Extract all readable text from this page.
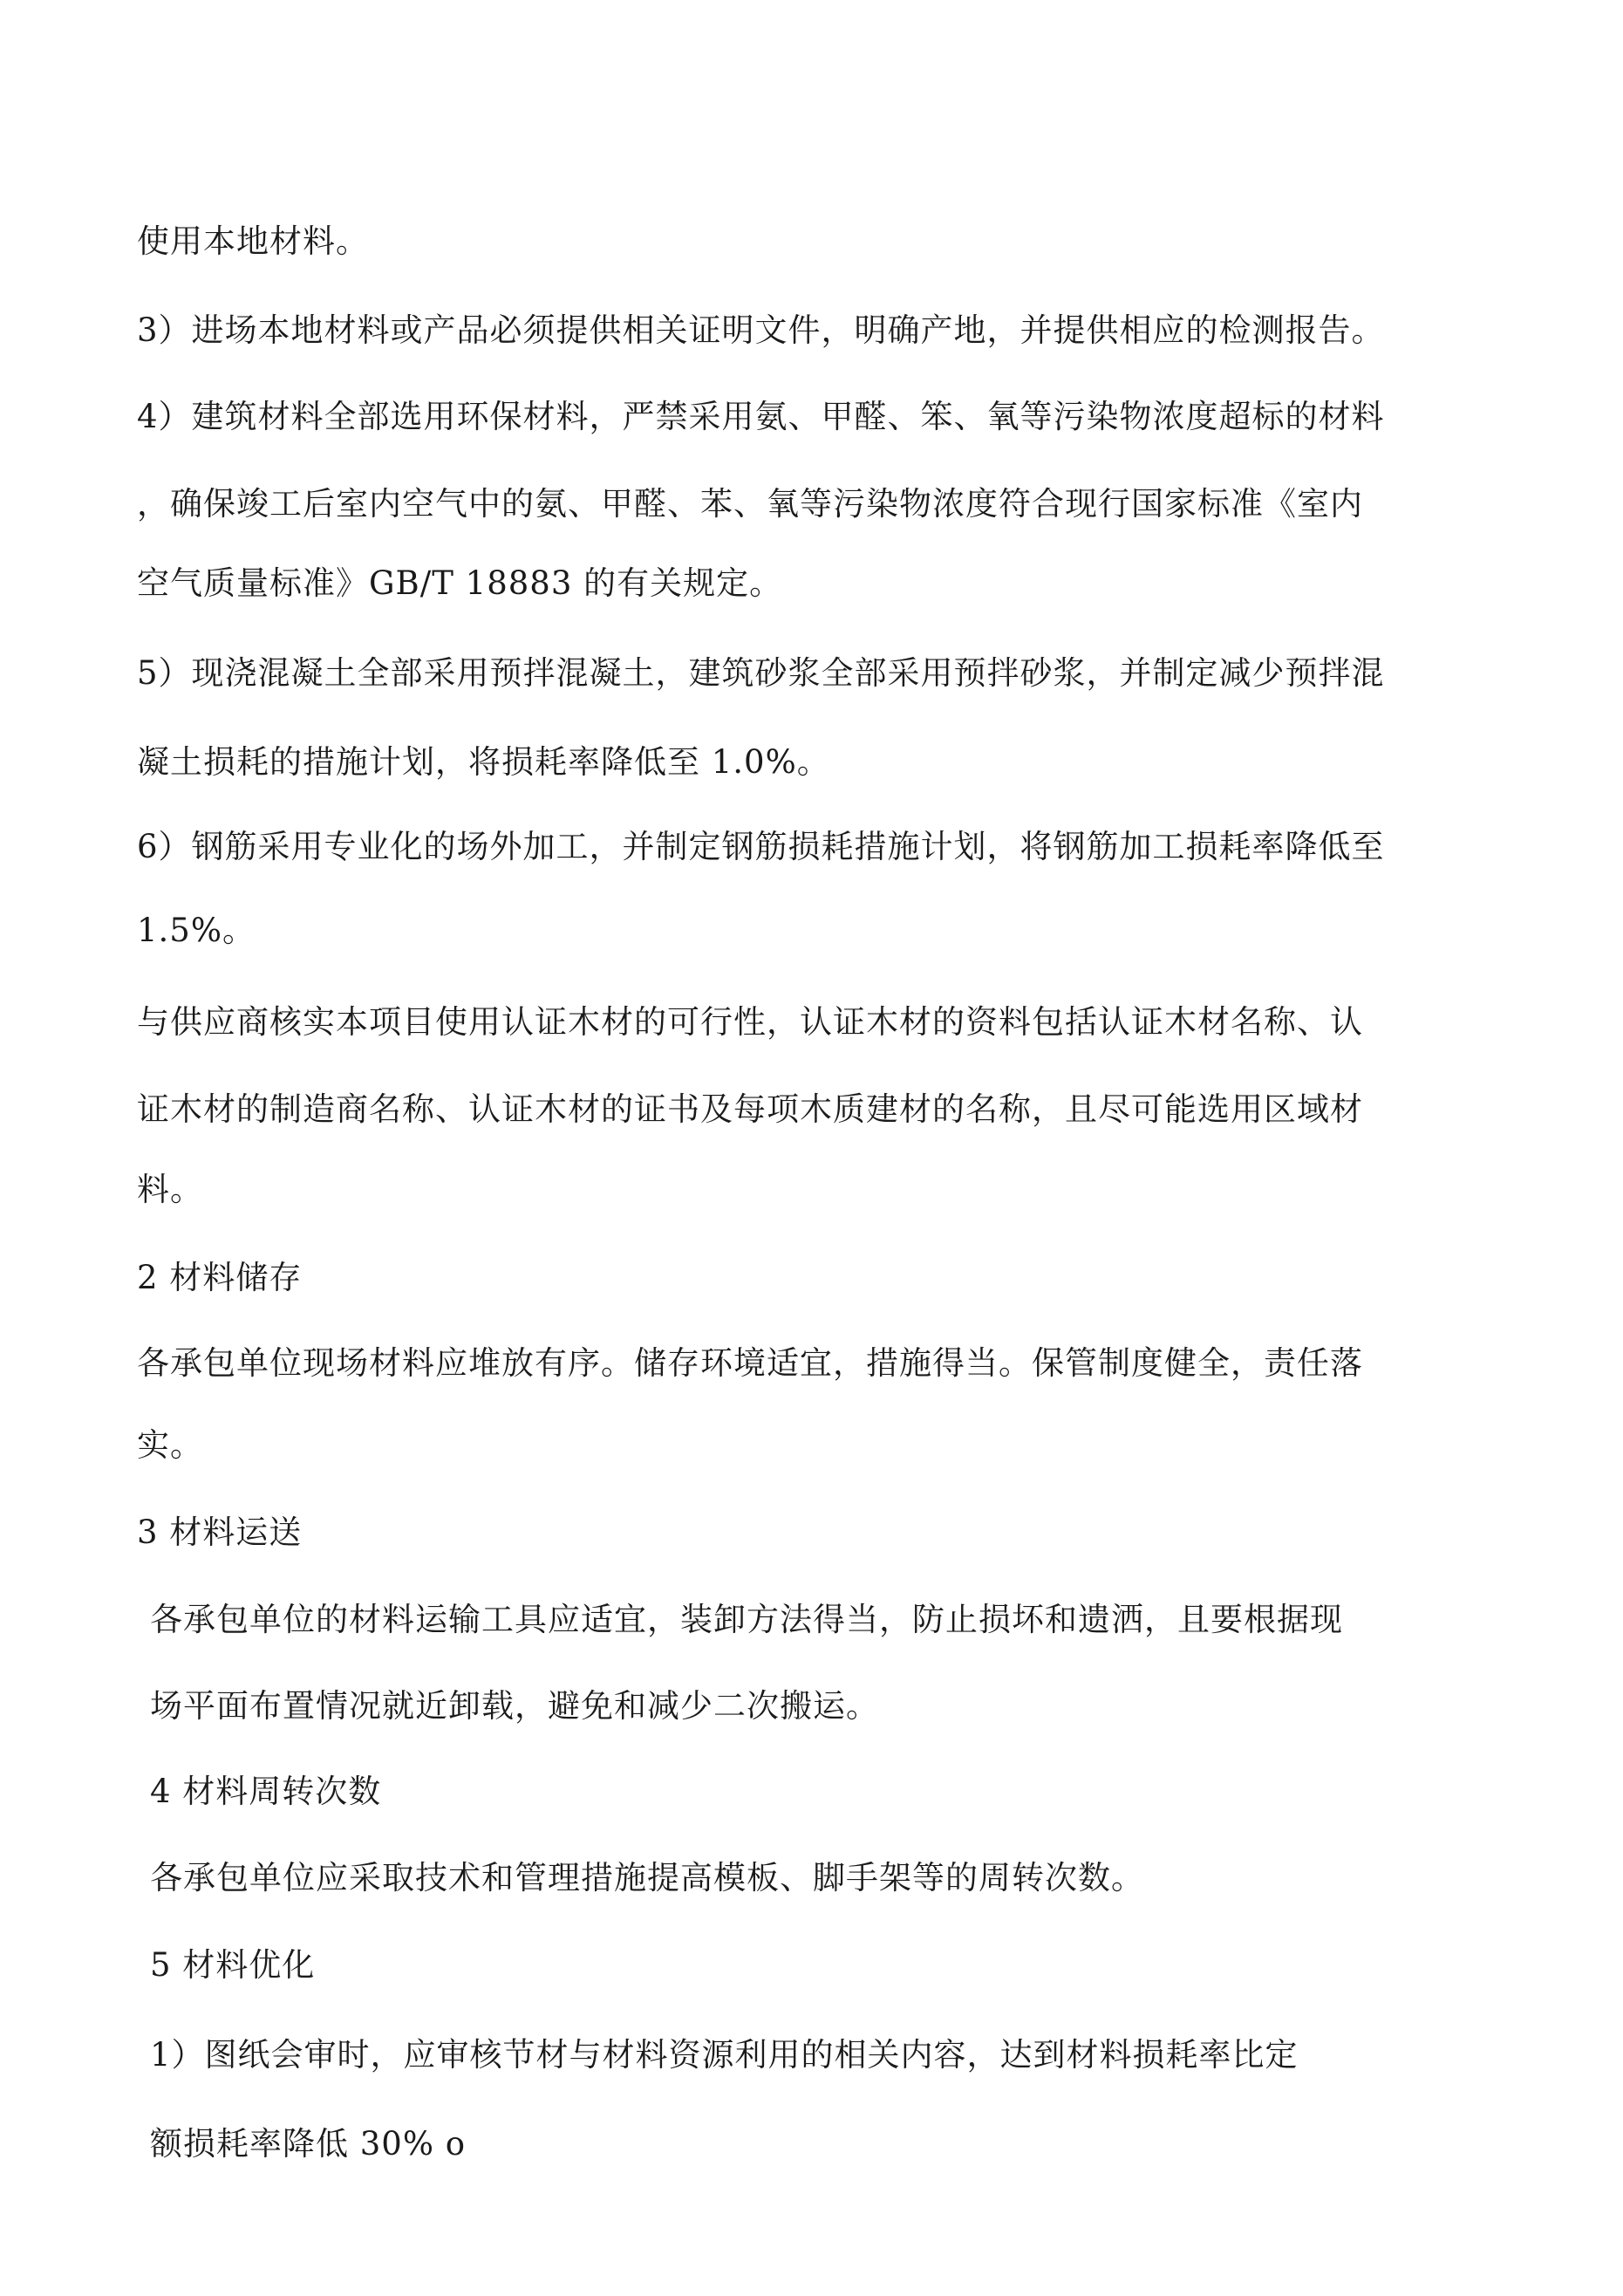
使用本地材料。
3）进场本地材料或产品必须提供相关证明文件，明确产地，并提供相应的检测报告。
4）建筑材料全部选用环保材料，严禁采用氨、甲醛、笨、氧等污染物浓度超标的材料
，确保竣工后室内空气中的氨、甲醛、苯、氧等污染物浓度符合现行国家标准《室内
空气质量标准》GB/T 18883 的有关规定。
5）现浇混凝土全部采用预拌混凝土，建筑砂浆全部采用预拌砂浆，并制定减少预拌混
凝土损耗的措施计划，将损耗率降低至 1.0%。
6）钢筋采用专业化的场外加工，并制定钢筋损耗措施计划，将钢筋加工损耗率降低至
1.5%。
与供应商核实本项目使用认证木材的可行性，认证木材的资料包括认证木材名称、认
证木材的制造商名称、认证木材的证书及每项木质建材的名称，且尽可能选用区域材
料。
2 材料储存
各承包单位现场材料应堆放有序。储存环境适宜，措施得当。保管制度健全，责任落
实。
3 材料运送
各承包单位的材料运输工具应适宜，装卸方法得当，防止损坏和遗洒，且要根据现
场平面布置情况就近卸载，避免和减少二次搬运。
4 材料周转次数
各承包单位应采取技术和管理措施提高模板、脚手架等的周转次数。
5 材料优化
1）图纸会审时，应审核节材与材料资源利用的相关内容，达到材料损耗率比定
额损耗率降低 30% o
